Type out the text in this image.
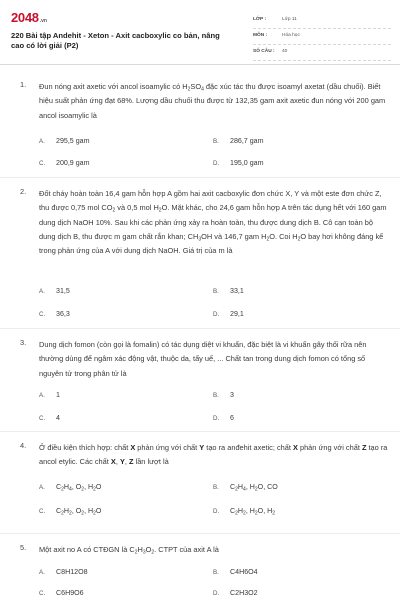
2048.vn
220 Bài tập Andehit - Xeton - Axit cacboxylic co bản, nâng cao có lời giải (P2)
LỚP :	Lớp 11
MÔN :	Hóa học
SỐ CÂU : 40
1. Đun nóng axit axetic với ancol isoamylic có $H_2SO_4$ đặc xúc tác thu được isoamyl axetat (dầu chuối). Biết hiệu suất phản ứng đạt 68%. Lượng dầu chuối thu được từ 132,35 gam axit axetic đun nóng với 200 gam ancol isoamylic là
A. 295,5 gam	B. 286,7 gam
C. 200,9 gam	D. 195,0 gam
2. Đốt cháy hoàn toàn 16,4 gam hỗn hợp A gồm hai axit cacboxylic đơn chức X, Y và một este đơn chức Z, thu được 0,75 mol $CO_2$ và 0,5 mol $H_2O$. Mặt khác, cho 24,6 gam hỗn hợp A trên tác dụng hết với 160 gam dung dịch NaOH 10%. Sau khi các phản ứng xảy ra hoàn toàn, thu được dung dịch B. Cô cạn toàn bộ dung dịch B, thu được m gam chất rắn khan; $CH_3OH$ và 146,7 gam $H_2O$. Coi $H_2O$ bay hơi không đáng kể trong phản ứng của A với dung dịch NaOH. Giá trị của m là
A. 31,5	B. 33,1
C. 36,3	D. 29,1
3. Dung dịch fomon (còn gọi là fomalin) có tác dụng diệt vi khuẩn, đặc biệt là vi khuẩn gây thối rữa nên thường dùng để ngâm xác động vật, thuộc da, tẩy uế, ... Chất tan trong dung dịch fomon có tổng số nguyên tử trong phân tử là
A. 1	B. 3
C. 4	D. 6
4. Ở điều kiện thích hợp: chất X phản ứng với chất Y tạo ra anđehit axetic; chất X phản ứng với chất Z tạo ra ancol etylic. Các chất X, Y, Z lần lượt là
A. $C_2H_4$, $O_2$, $H_2O$	B. $C_2H_4$, $H_2O$, CO
C. $C_2H_2$, $O_2$, $H_2O$	D. $C_2H_2$, $H_2O$, $H_2$
5. Một axit no A có CTĐGN là $C_2H_3O_2$. CTPT của axit A là
A. C8H12O8	B. C4H6O4
C. C6H9O6	D. C2H3O2
